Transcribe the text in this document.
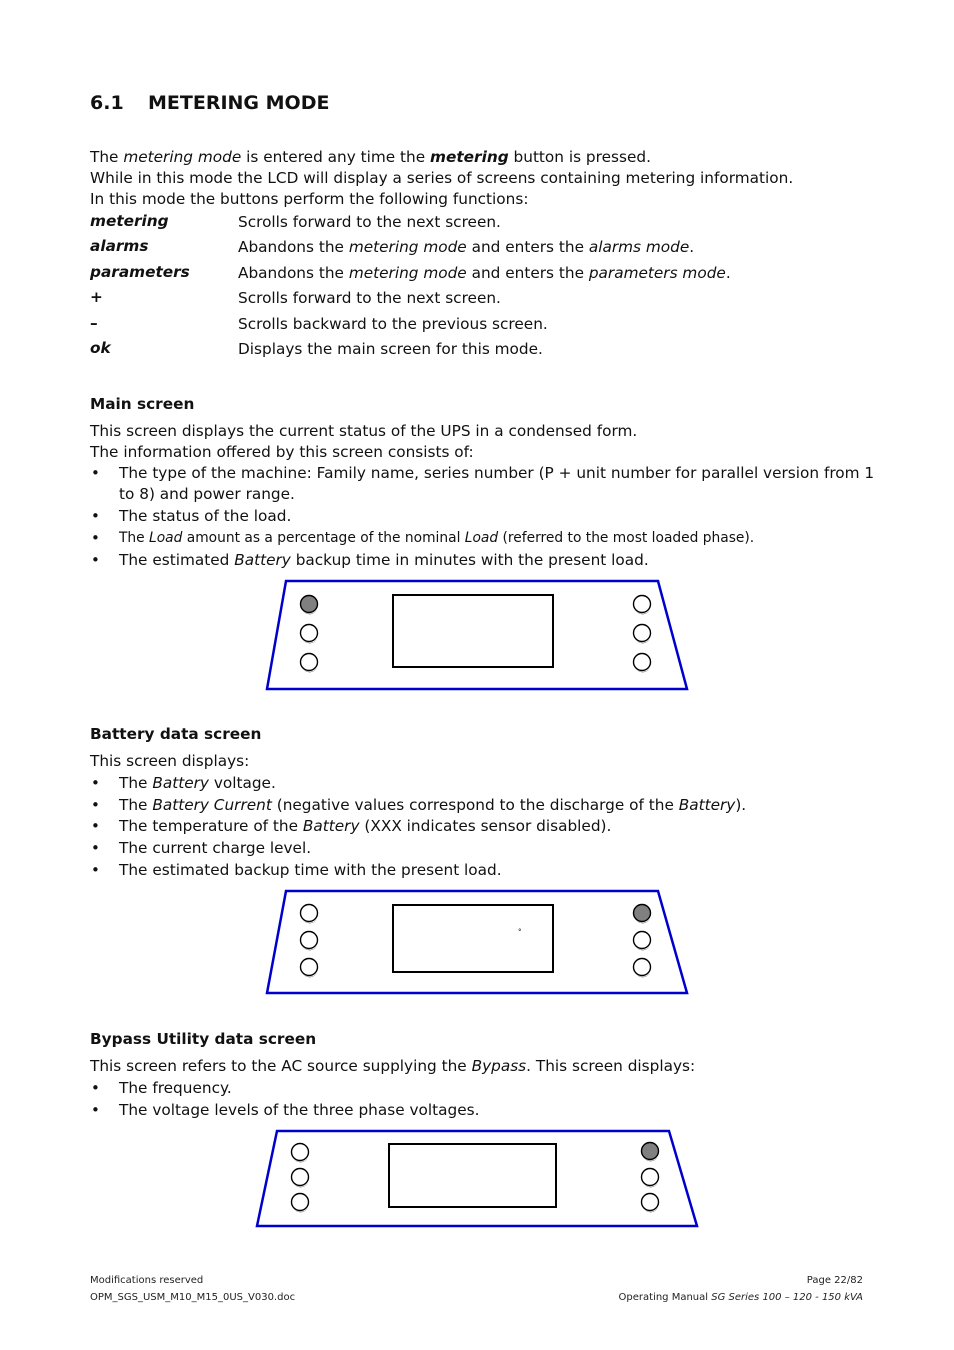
6.1 METERING MODE
The metering mode is entered any time the metering button is pressed.
While in this mode the LCD will display a series of screens containing metering information.
In this mode the buttons perform the following functions:
metering	Scrolls forward to the next screen.
alarms	Abandons the metering mode and enters the alarms mode.
parameters	Abandons the metering mode and enters the parameters mode.
+	Scrolls forward to the next screen.
–	Scrolls backward to the previous screen.
ok	Displays the main screen for this mode.
Main screen
This screen displays the current status of the UPS in a condensed form.
The information offered by this screen consists of:
• The type of the machine: Family name, series number (P + unit number for parallel version from 1
to 8) and power range.
• The status of the load.
• The Load amount as a percentage of the nominal Load (referred to the most loaded phase).
• The estimated Battery backup time in minutes with the present load.
Battery data screen
This screen displays:
• The Battery voltage.
• The Battery Current (negative values correspond to the discharge of the Battery).
• The temperature of the Battery (XXX indicates sensor disabled).
• The current charge level.
• The estimated backup time with the present load.
°
Bypass Utility data screen
This screen refers to the AC source supplying the Bypass. This screen displays:
• The frequency.
• The voltage levels of the three phase voltages.
Modifications reserved
OPM_SGS_USM_M10_M15_0US_V030.doc
Page 22/82
Operating Manual SG Series 100 – 120 - 150 kVA
